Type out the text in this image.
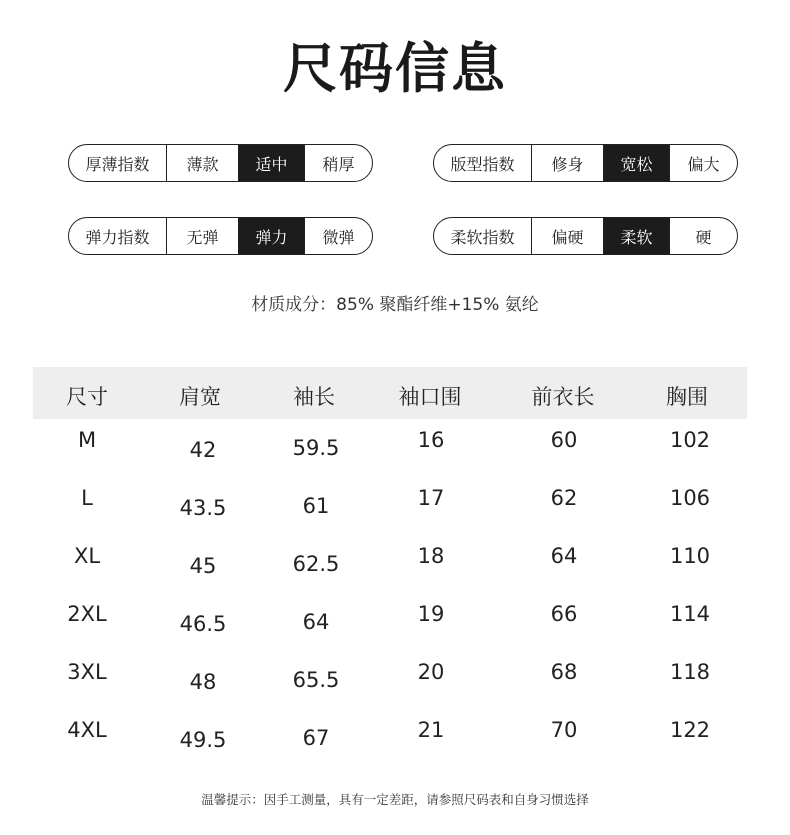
尺码信息
厚薄指数	薄款	适中	稍厚	版型指数	修身	宽松	偏大
弹力指数	无弹	弹力	微弹	柔软指数	偏硬	柔软	硬
材质成分：85% 聚酯纤维+15% 氨纶
尺寸	肩宽	袖长	袖口围	前衣长	胸围
M	42	59.5	16	60	102
L	43.5	61	17	62	106
XL	45	62.5	18	64	110
2XL	46.5	64	19	66	114
3XL	48	65.5	20	68	118
4XL	49.5	67	21	70	122
温馨提示：因手工测量，具有一定差距，请参照尺码表和自身习惯选择
